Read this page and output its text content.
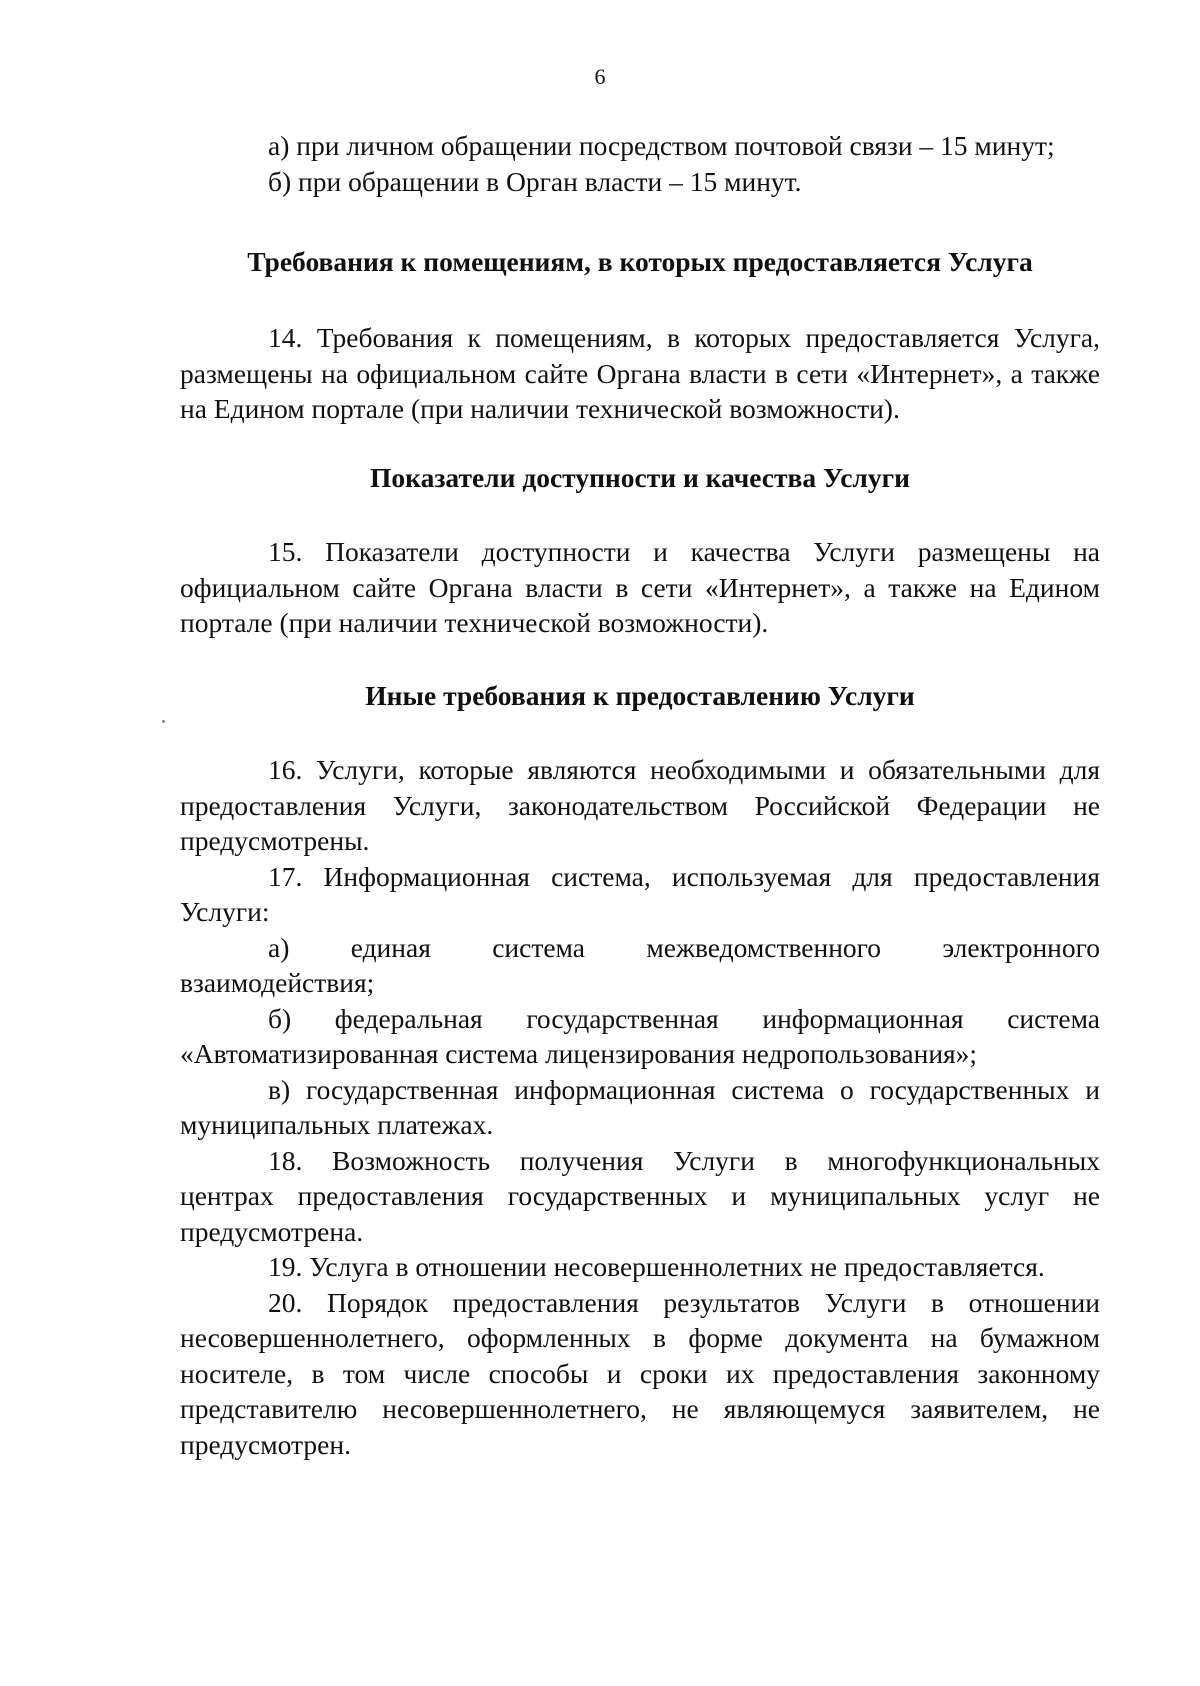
6
а) при личном обращении посредством почтовой связи – 15 минут;
б) при обращении в Орган власти – 15 минут.
Требования к помещениям, в которых предоставляется Услуга
14. Требования к помещениям, в которых предоставляется Услуга,
размещены на официальном сайте Органа власти в сети «Интернет», а также
на Едином портале (при наличии технической возможности).
Показатели доступности и качества Услуги
15. Показатели доступности и качества Услуги размещены на
официальном сайте Органа власти в сети «Интернет», а также на Едином
портале (при наличии технической возможности).
Иные требования к предоставлению Услуги
16. Услуги, которые являются необходимыми и обязательными для
предоставления Услуги, законодательством Российской Федерации не
предусмотрены.
17. Информационная система, используемая для предоставления
Услуги:
а) единая система межведомственного электронного
взаимодействия;
б) федеральная государственная информационная система
«Автоматизированная система лицензирования недропользования»;
в) государственная информационная система о государственных и
муниципальных платежах.
18. Возможность получения Услуги в многофункциональных
центрах предоставления государственных и муниципальных услуг не
предусмотрена.
19. Услуга в отношении несовершеннолетних не предоставляется.
20. Порядок предоставления результатов Услуги в отношении
несовершеннолетнего, оформленных в форме документа на бумажном
носителе, в том числе способы и сроки их предоставления законному
представителю несовершеннолетнего, не являющемуся заявителем, не
предусмотрен.
